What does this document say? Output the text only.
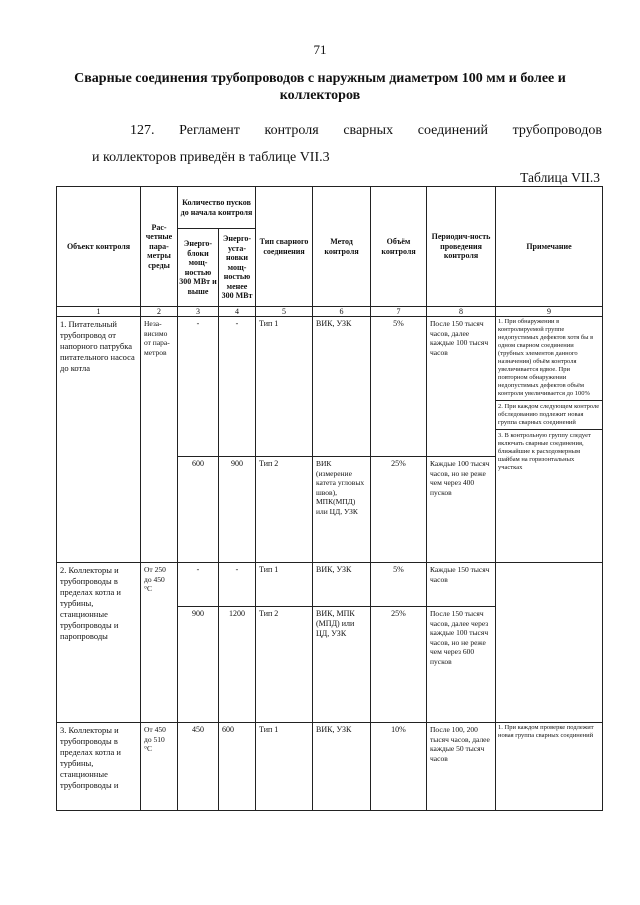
71
Сварные соединения трубопроводов с наружным диаметром 100 мм и более и коллекторов
127. Регламент контроля сварных соединений трубопроводов
и коллекторов приведён в таблице VII.3
Таблица VII.3
Объект контроля	Рас-четные пара-метры среды	Количество пусков до начала контроля		Тип сварного соединения	Метод контроля	Объём контроля	Периодич-ность проведения контроля	Примечание
		Энерго-блоки мощ-ностью 300 МВт и выше	Энерго-уста-новки мощ-ностью менее 300 МВт					
1	2	3	4	5	6	7	8	9
1. Питательный трубопровод от напорного патрубка питательного насоса до котла	Неза-висимо от пара-метров	-	-	Тип 1	ВИК, УЗК	5%	После 150 тысяч часов, далее каждые 100 тысяч часов	1. При обнаружении в контролируемой группе недопустимых дефектов хотя бы в одном сварном соединении (трубных элементов данного назначения) объём контроля увеличивается вдвое. При повторном обнаружении недопустимых дефектов объём контроля увеличивается до 100%
2. При каждом следующем контроле обследованию подлежит новая группа сварных соединений
3. В контрольную группу следует включать сварные соединения, ближайшие к расходомерным шайбам на горизонтальных участках

		600	900	Тип 2	ВИК (измерение катета угловых швов), МПК(МПД) или ЦД, УЗК	25%	Каждые 100 тысяч часов, но не реже чем через 400 пусков	
2. Коллекторы и трубопроводы в пределах котла и турбины, станционные трубопроводы и паропроводы	От 250 до 450 °С	-	-	Тип 1	ВИК, УЗК	5%	Каждые 150 тысяч часов	
		900	1200	Тип 2	ВИК, МПК (МПД) или ЦД, УЗК	25%	После 150 тысяч часов, далее через каждые 100 тысяч часов, но не реже чем через 600 пусков	
3. Коллекторы и трубопроводы в пределах котла и турбины, станционные трубопроводы и	От 450 до 510 °С	450	600	Тип 1	ВИК, УЗК	10%	После 100, 200 тысяч часов, далее каждые 50 тысяч часов	1. При каждом проверке подлежит новая группа сварных соединений
